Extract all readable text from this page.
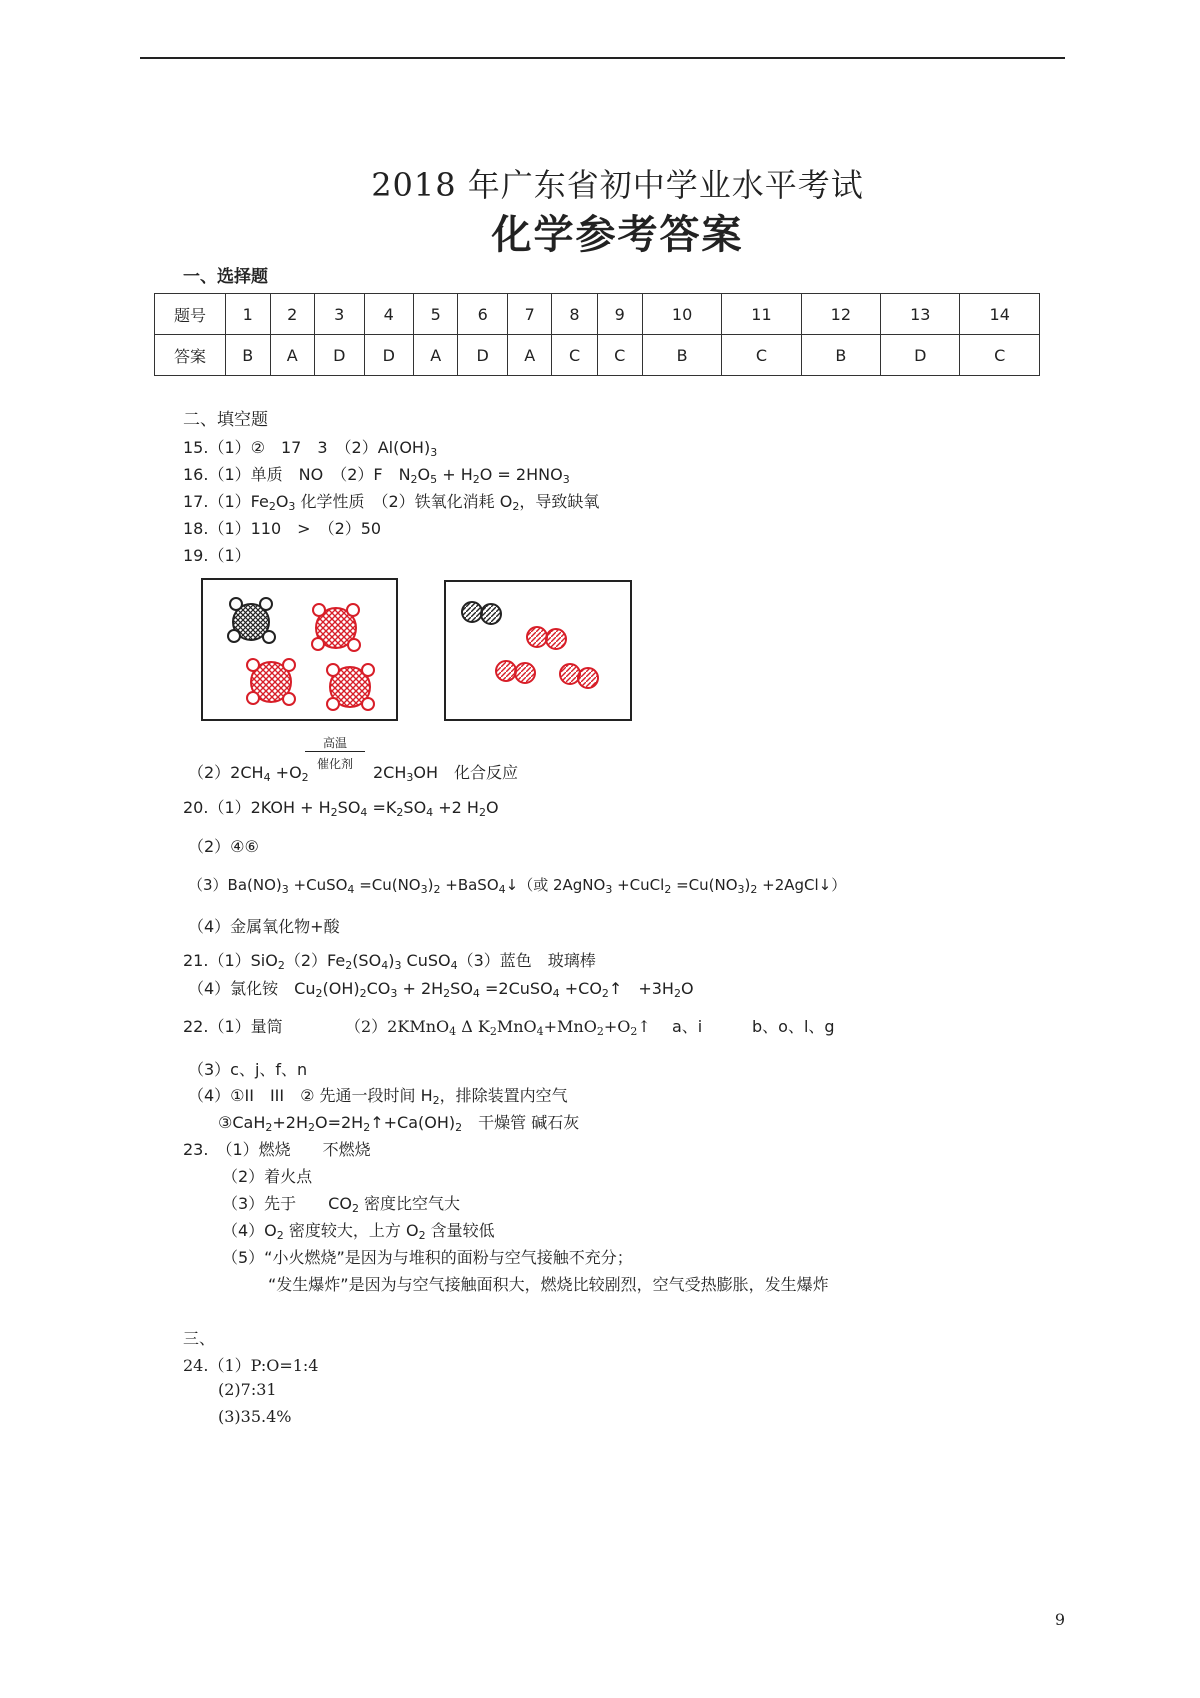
2018 年广东省初中学业水平考试
化学参考答案
一、选择题
题号	1	2	3	4	5	6	7	8	9	10	11	12	13	14
答案	B	A	D	D	A	D	A	C	C	B	C	B	D	C
二、填空题
15.（1）②　17　3　$(2)Al(OH)_3$
16.（1）单质　NO　（2）F　$N_2O_5 + H_2O = 2HNO_3$
$17.(1)Fe_2O_3$ 化学性质　（2）铁氧化消耗 $O_2$，导致缺氧
18.（1）110　>　（2）50
19.（1）
高温
催化剂
$(2)2CH_4 +O_2$	$2CH_3OH$　化合反应
$20.(1)2KOH + H_2SO_4 =K_2SO_4 +2$ $H_2O$
（2）④⑥
$(3)Ba(NO)_3$ +CuSO$_4$ $=Cu(NO_3)_2$ +BaSO$_4$↓（或 2AgNO$_3$ +CuCl$_2$ $=Cu(NO_3)_2$ +2AgCl↓）
（4）金属氧化物+酸
$21.(1)SiO_2(2)Fe_2(SO_4)_3$ CuSO$_4$（3）蓝色　玻璃棒
（4）氯化铵　$Cu_2(OH)_2CO_3 + 2H_2SO_4$ =2CuSO$_4$ $+CO_2↑$　$+3H_2O$
22.（1）量筒	（2）2KMnO$_4$ Δ $K_2MnO_4+MnO_2+O_2↑$ a、i	b、o、l、g
（3）c、j、f、n
（4）①II　III　② 先通一段时间 $H_2$，排除装置内空气
$③CaH_2+2H_2O=2H_2↑+Ca(OH)_2$　干燥管 碱石灰
23.　（1）燃烧　　不燃烧
（2）着火点
（3）先于　　$CO_2$ 密度比空气大
$(4)O_2$ 密度较大，上方 $O_2$ 含量较低
（5）“小火燃烧”是因为与堆积的面粉与空气接触不充分；
“发生爆炸”是因为与空气接触面积大，燃烧比较剧烈，空气受热膨胀，发生爆炸
三、
24.（1）P:O=1:4
(2)7:31
(3)35.4%
9
